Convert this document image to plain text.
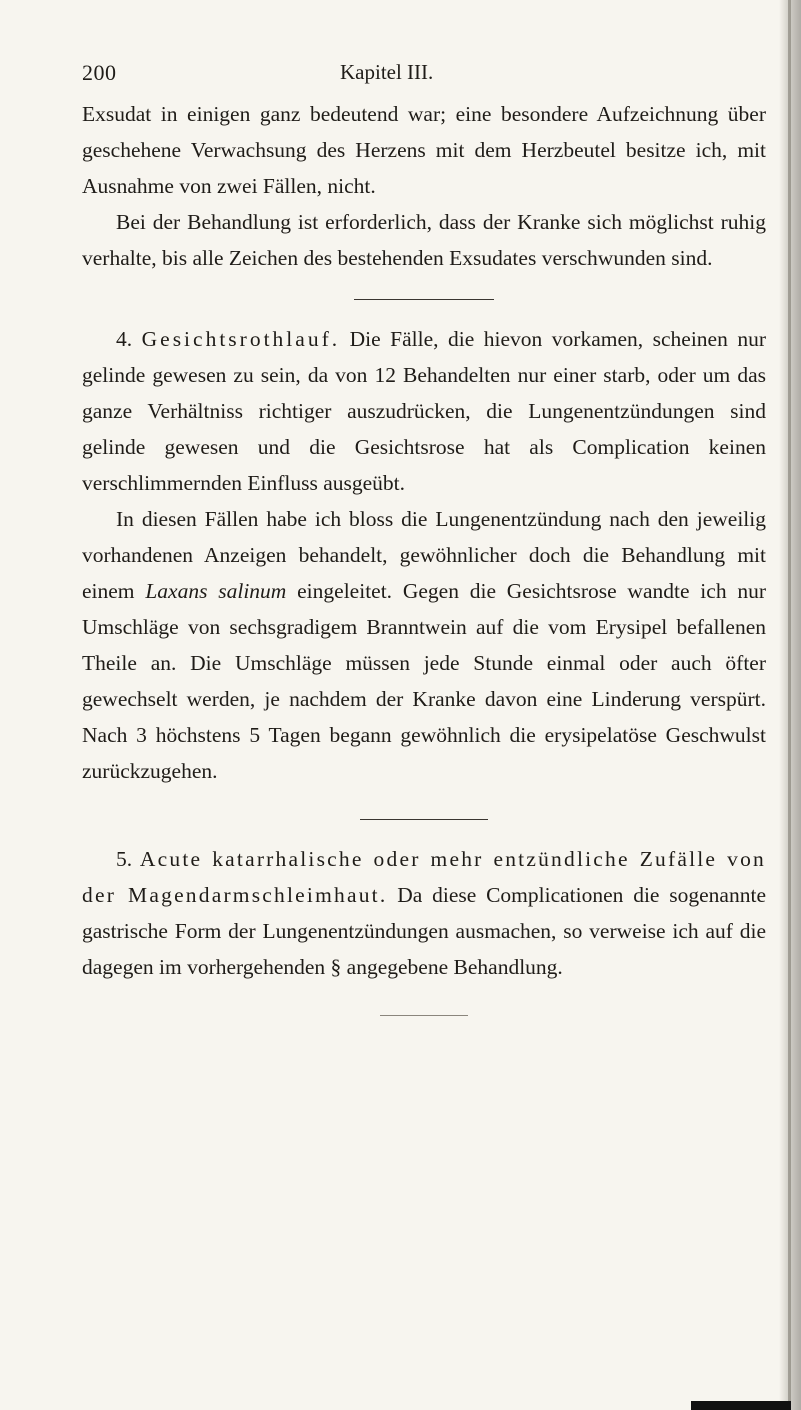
200	Kapitel III.

Exsudat in einigen ganz bedeutend war; eine besondere Aufzeichnung über geschehene Verwachsung des Herzens mit dem Herzbeutel besitze ich, mit Ausnahme von zwei Fällen, nicht.

Bei der Behandlung ist erforderlich, dass der Kranke sich möglichst ruhig verhalte, bis alle Zeichen des bestehenden Exsudates verschwunden sind.

4. Gesichtsrothlauf. Die Fälle, die hievon vorkamen, scheinen nur gelinde gewesen zu sein, da von 12 Behandelten nur einer starb, oder um das ganze Verhältniss richtiger auszudrücken, die Lungenentzündungen sind gelinde gewesen und die Gesichtsrose hat als Complication keinen verschlimmernden Einfluss ausgeübt.

In diesen Fällen habe ich bloss die Lungenentzündung nach den jeweilig vorhandenen Anzeigen behandelt, gewöhnlicher doch die Behandlung mit einem Laxans salinum eingeleitet. Gegen die Gesichtsrose wandte ich nur Umschläge von sechsgradigem Branntwein auf die vom Erysipel befallenen Theile an. Die Umschläge müssen jede Stunde einmal oder auch öfter gewechselt werden, je nachdem der Kranke davon eine Linderung verspürt. Nach 3 höchstens 5 Tagen begann gewöhnlich die erysipelatöse Geschwulst zurückzugehen.

5. Acute katarrhalische oder mehr entzündliche Zufälle von der Magendarmschleimhaut. Da diese Complicationen die sogenannte gastrische Form der Lungenentzündungen ausmachen, so verweise ich auf die dagegen im vorhergehenden § angegebene Behandlung.
